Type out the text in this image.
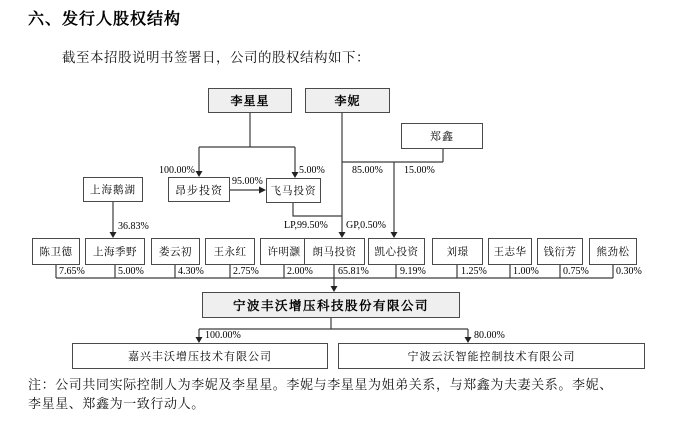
六、发行人股权结构
截至本招股说明书签署日，公司的股权结构如下：
李星星	李妮
郑鑫
上海鹅湖	昂步投资	飞马投资
100.00%	5.00%
95.00%
85.00% 15.00%
36.83%	LP,99.50% GP,0.50%
陈卫德	上海季野	娄云初	王永红	许明灏	朗马投资	凯心投资	刘璟	王志华	钱衍芳	熊劲松
7.65%	5.00%	4.30%	2.75%	2.00%	65.81%	9.19%	1.25%	1.00% 0.75%	0.30%
宁波丰沃增压科技股份有限公司
100.00%	80.00%
嘉兴丰沃增压技术有限公司	宁波云沃智能控制技术有限公司
注：公司共同实际控制人为李妮及李星星。李妮与李星星为姐弟关系，与郑鑫为夫妻关系。李妮、
李星星、郑鑫为一致行动人。
